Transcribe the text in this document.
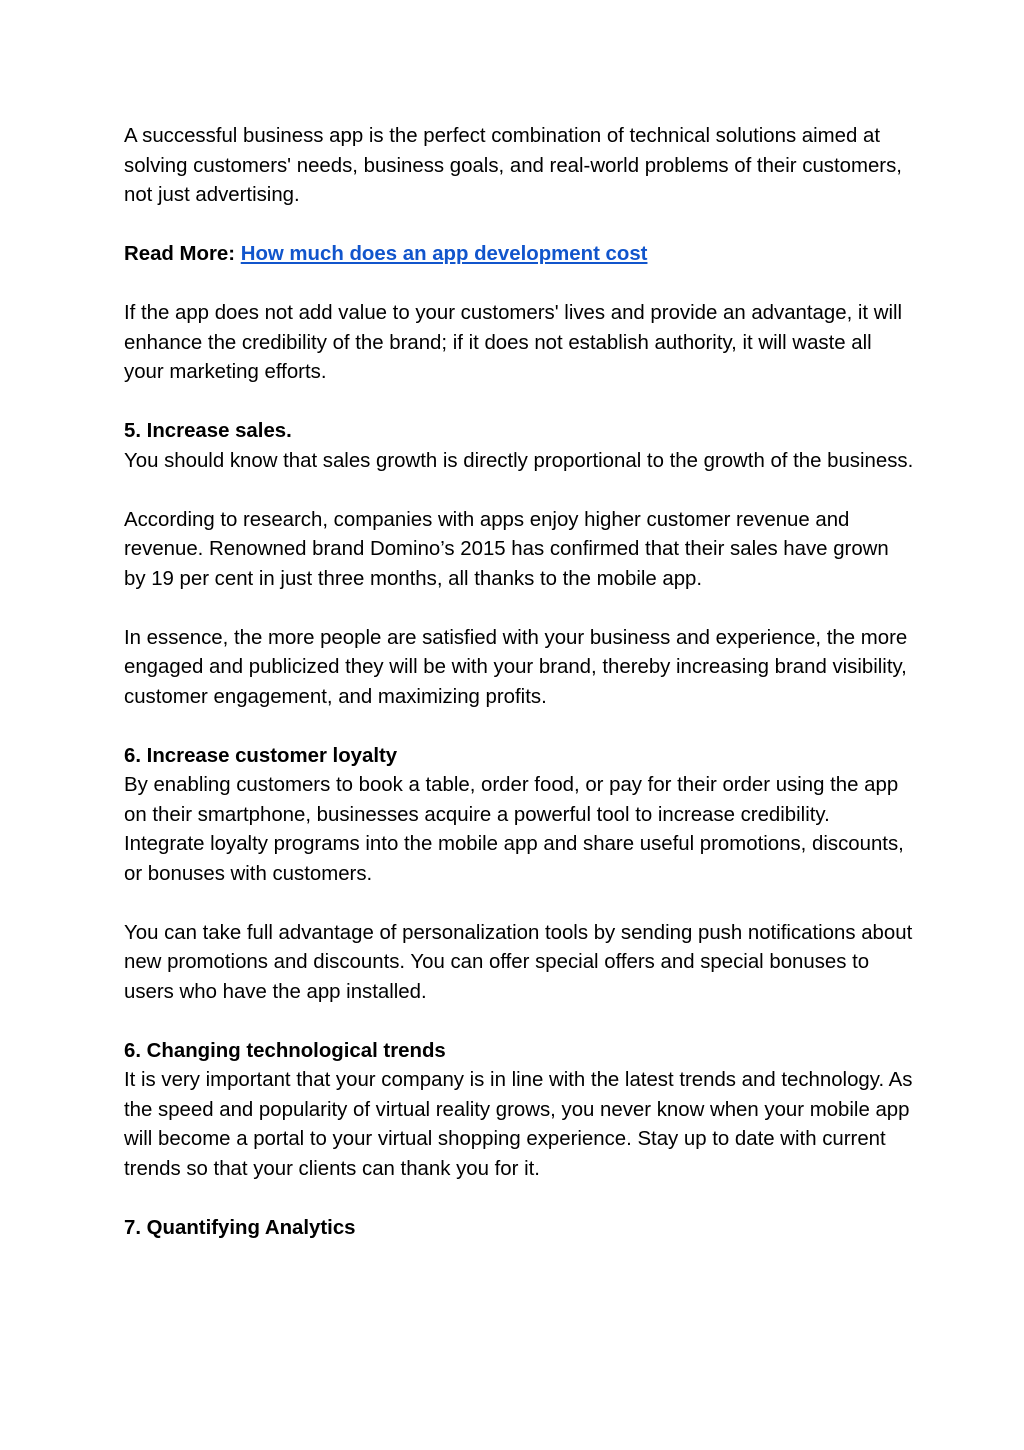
A successful business app is the perfect combination of technical solutions aimed at solving customers' needs, business goals, and real-world problems of their customers, not just advertising.

Read More: How much does an app development cost

If the app does not add value to your customers' lives and provide an advantage, it will enhance the credibility of the brand; if it does not establish authority, it will waste all your marketing efforts.

5. Increase sales.

You should know that sales growth is directly proportional to the growth of the business.

According to research, companies with apps enjoy higher customer revenue and revenue. Renowned brand Domino’s 2015 has confirmed that their sales have grown by 19 per cent in just three months, all thanks to the mobile app.

In essence, the more people are satisfied with your business and experience, the more engaged and publicized they will be with your brand, thereby increasing brand visibility, customer engagement, and maximizing profits.

6. Increase customer loyalty

By enabling customers to book a table, order food, or pay for their order using the app on their smartphone, businesses acquire a powerful tool to increase credibility. Integrate loyalty programs into the mobile app and share useful promotions, discounts, or bonuses with customers.

You can take full advantage of personalization tools by sending push notifications about new promotions and discounts. You can offer special offers and special bonuses to users who have the app installed.

6. Changing technological trends

It is very important that your company is in line with the latest trends and technology. As the speed and popularity of virtual reality grows, you never know when your mobile app will become a portal to your virtual shopping experience. Stay up to date with current trends so that your clients can thank you for it.

7. Quantifying Analytics
